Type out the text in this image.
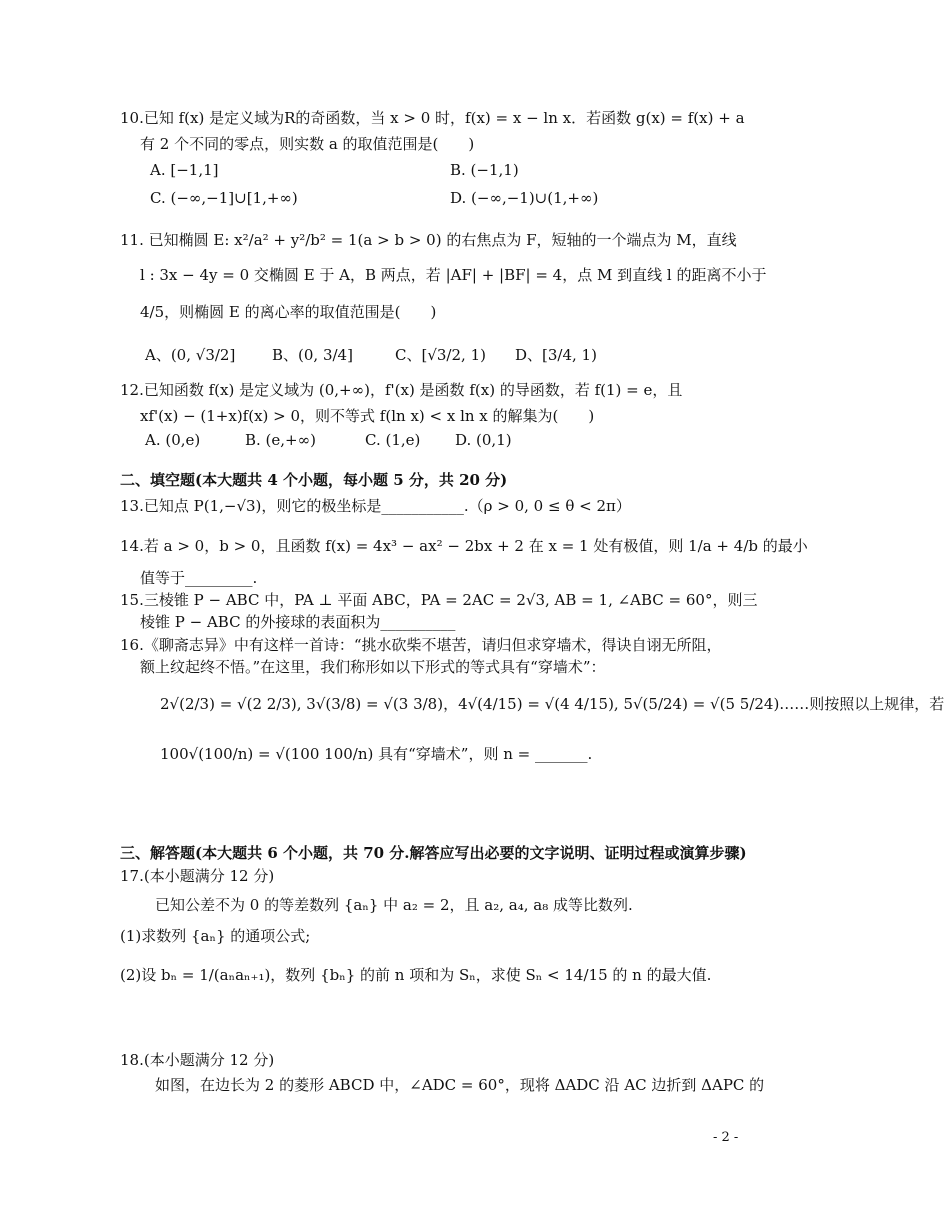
10.已知 f(x) 是定义域为R的奇函数，当 x > 0 时，f(x) = x − ln x．若函数 g(x) = f(x) + a
有 2 个不同的零点，则实数 a 的取值范围是(　　)
A. [−1,1]	B. (−1,1)
C. (−∞,−1]∪[1,+∞)	D. (−∞,−1)∪(1,+∞)
11. 已知椭圆 E: x²/a² + y²/b² = 1(a > b > 0) 的右焦点为 F，短轴的一个端点为 M，直线
l : 3x − 4y = 0 交椭圆 E 于 A，B 两点，若 |AF| + |BF| = 4，点 M 到直线 l 的距离不小于
4/5，则椭圆 E 的离心率的取值范围是(　　)
A、(0, √3/2] B、(0, 3/4]	C、[√3/2, 1) D、[3/4, 1)
12.已知函数 f(x) 是定义域为 (0,+∞)，f'(x) 是函数 f(x) 的导函数，若 f(1) = e，且
xf'(x) − (1+x)f(x) > 0，则不等式 f(ln x) < x ln x 的解集为(　　)
A. (0,e)	B. (e,+∞)	C. (1,e) D. (0,1)
二、填空题(本大题共 4 个小题，每小题 5 分，共 20 分)
13.已知点 P(1,−√3)，则它的极坐标是___________.（ρ > 0, 0 ≤ θ < 2π）
14.若 a > 0，b > 0，且函数 f(x) = 4x³ − ax² − 2bx + 2 在 x = 1 处有极值，则 1/a + 4/b 的最小
值等于_________.
15.三棱锥 P − ABC 中，PA ⊥ 平面 ABC，PA = 2AC = 2√3, AB = 1, ∠ABC = 60°，则三
棱锥 P − ABC 的外接球的表面积为__________
16.《聊斋志异》中有这样一首诗：“挑水砍柴不堪苦，请归但求穿墙术，得诀自诩无所阻，
额上纹起终不悟。”在这里，我们称形如以下形式的等式具有“穿墙术”：
2√(2/3) = √(2 2/3), 3√(3/8) = √(3 3/8)，4√(4/15) = √(4 4/15), 5√(5/24) = √(5 5/24)……则按照以上规律，若
100√(100/n) = √(100 100/n) 具有“穿墙术”，则 n = _______.
三、解答题(本大题共 6 个小题，共 70 分.解答应写出必要的文字说明、证明过程或演算步骤)
17.(本小题满分 12 分)
已知公差不为 0 的等差数列 {aₙ} 中 a₂ = 2，且 a₂, a₄, a₈ 成等比数列.
(1)求数列 {aₙ} 的通项公式;
(2)设 bₙ = 1/(aₙaₙ₊₁)，数列 {bₙ} 的前 n 项和为 Sₙ，求使 Sₙ < 14/15 的 n 的最大值.
18.(本小题满分 12 分)
如图，在边长为 2 的菱形 ABCD 中，∠ADC = 60°，现将 ΔADC 沿 AC 边折到 ΔAPC 的
- 2 -
